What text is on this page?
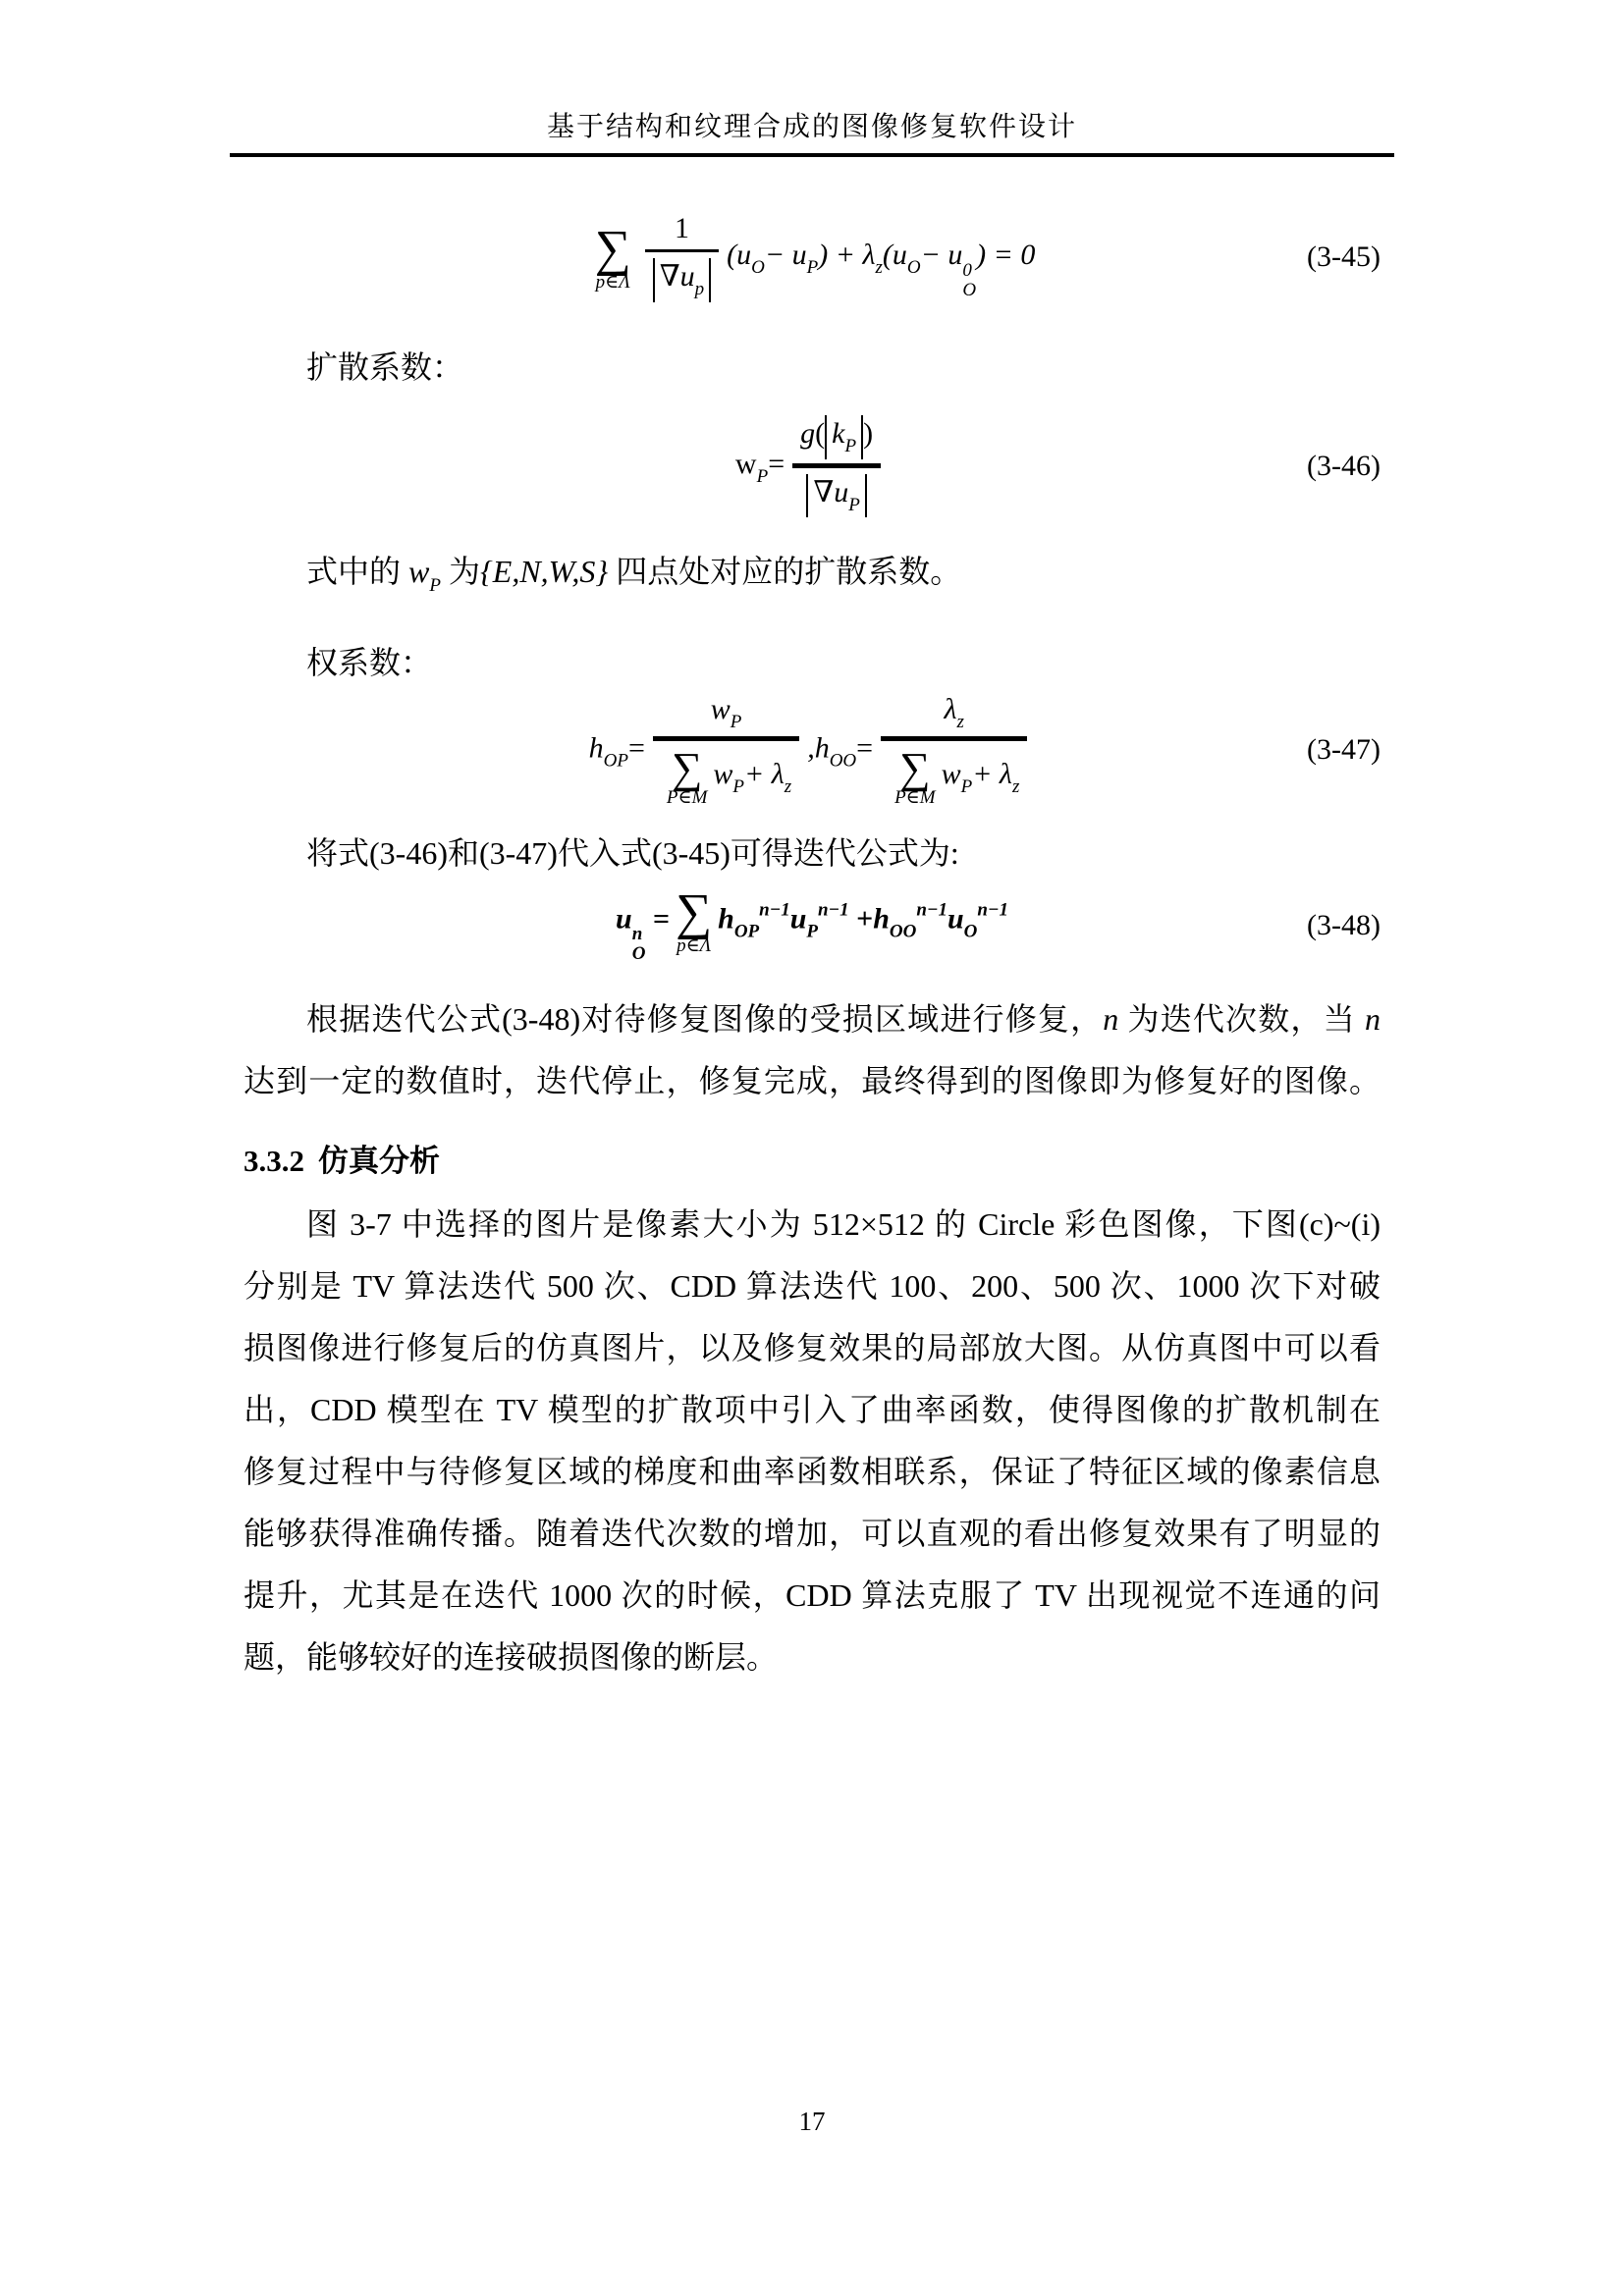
基于结构和纹理合成的图像修复软件设计
∑
p∈Λ $\frac{1}{\nabla u_p} (u_O- u_P) + \lambda_z(u_O- u$ 0
O
) = 0	(3-45)
扩散系数：
$w_P= \frac{g( k_P )}{\nabla u_P}$	(3-46)
式中的 $w_P$ 为{E,N,W,S} 四点处对应的扩散系数。
权系数：
$h_{OP}= w_P$
∑
P∈M
$w_P+ \lambda_z$ $,h_{OO}= \lambda_z$
∑
P∈M
$w_P+ \lambda_z$	(3-47)
将式(3-46)和(3-47)代入式(3-45)可得迭代公式为:
u n
O
= ∑
p∈Λ
$h_{OP}^{n-1}u_P^{n-1} +h_{OO}^{n-1}u_O^{n-1}$	(3-48)
根据迭代公式(3-48)对待修复图像的受损区域进行修复，n 为迭代次数，当 n
达到一定的数值时，迭代停止，修复完成，最终得到的图像即为修复好的图像。
3.3.2 仿真分析
图 3-7 中选择的图片是像素大小为 512×512 的 Circle 彩色图像，下图(c)~(i)
分别是 TV 算法迭代 500 次、CDD 算法迭代 100、200、500 次、1000 次下对破
损图像进行修复后的仿真图片，以及修复效果的局部放大图。从仿真图中可以看
出，CDD 模型在 TV 模型的扩散项中引入了曲率函数，使得图像的扩散机制在
修复过程中与待修复区域的梯度和曲率函数相联系，保证了特征区域的像素信息
能够获得准确传播。随着迭代次数的增加，可以直观的看出修复效果有了明显的
提升，尤其是在迭代 1000 次的时候，CDD 算法克服了 TV 出现视觉不连通的问
题，能够较好的连接破损图像的断层。
17
